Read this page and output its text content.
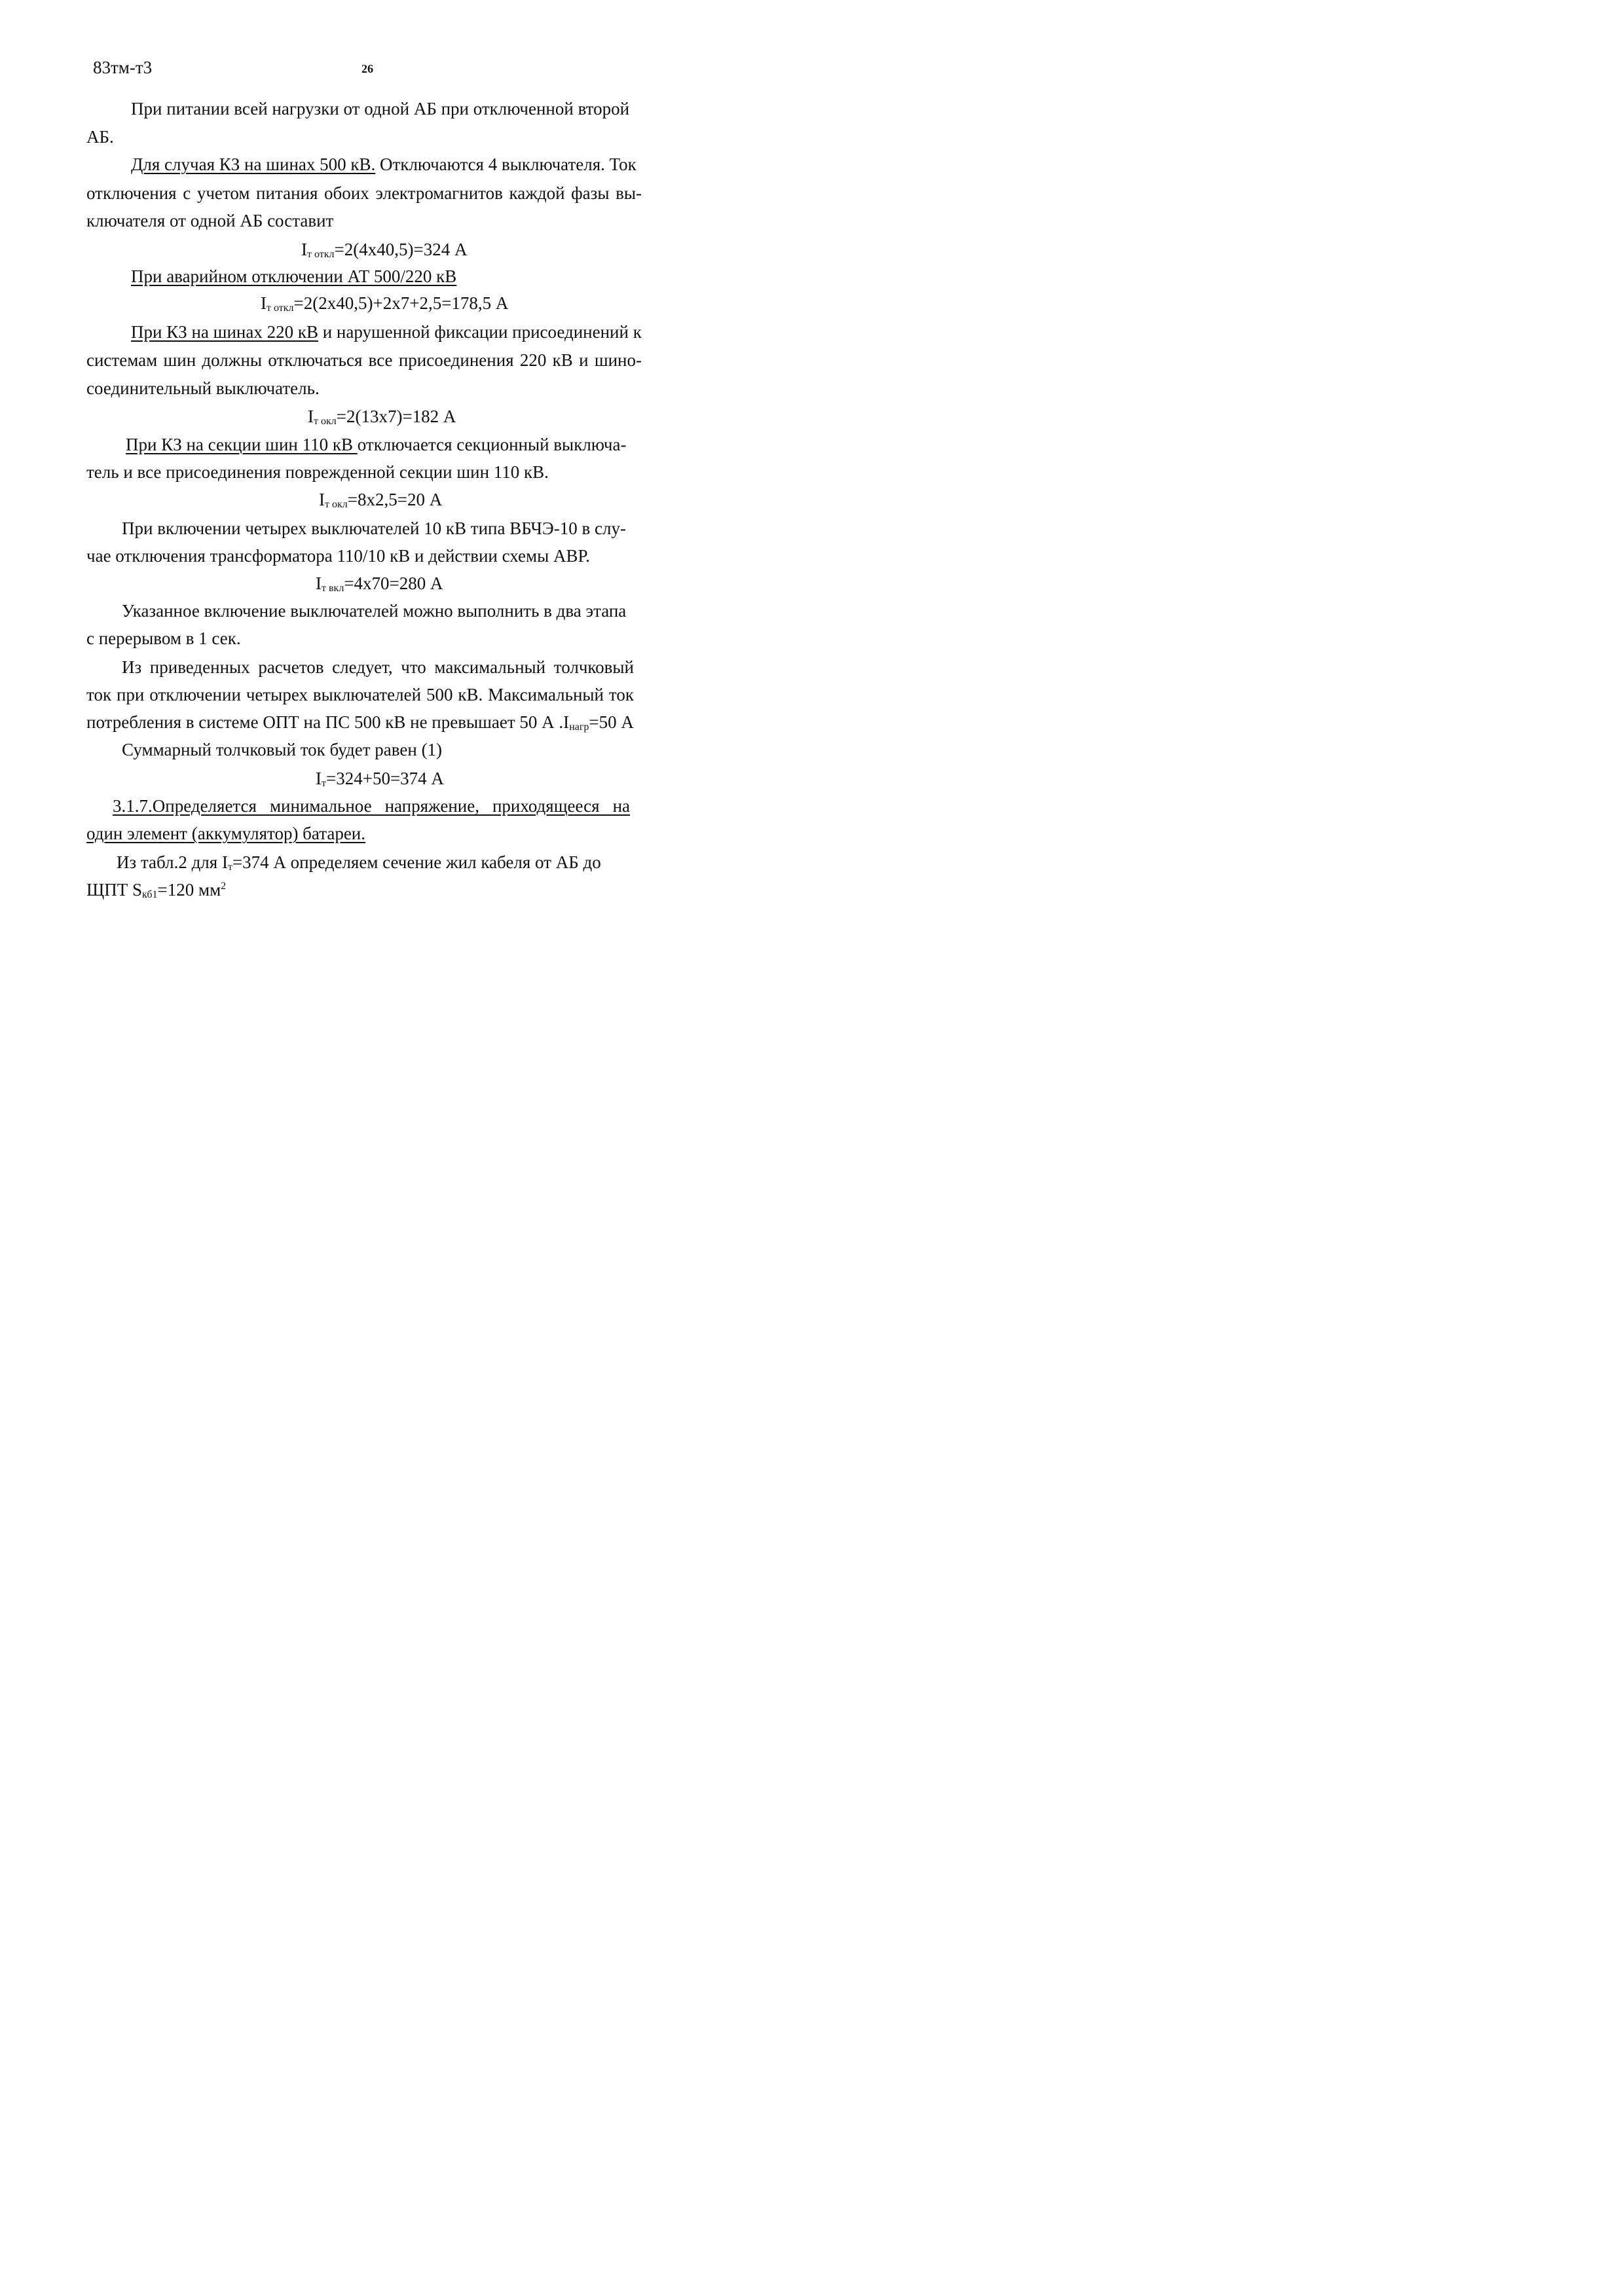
83тм-т3	26
При питании всей нагрузки от одной АБ при отключенной второй
АБ.
Для случая КЗ на шинах 500 кВ. Отключаются 4 выключателя. Ток
отключения с учетом питания обоих электромагнитов каждой фазы вы-
ключателя от одной АБ составит
Iт откл=2(4х40,5)=324 А
При аварийном отключении АТ 500/220 кВ
Iт откл=2(2х40,5)+2х7+2,5=178,5 А
При КЗ на шинах 220 кВ и нарушенной фиксации присоединений к
системам шин должны отключаться все присоединения 220 кВ и шино-
соединительный выключатель.
Iт окл=2(13х7)=182 А
При КЗ на секции шин 110 кВ отключается секционный выключа-
тель и все присоединения поврежденной секции шин 110 кВ.
Iт окл=8х2,5=20 А
При включении четырех выключателей 10 кВ типа ВБЧЭ-10 в слу-
чае отключения трансформатора 110/10 кВ и действии схемы АВР.
Iт вкл=4х70=280 А
Указанное включение выключателей можно выполнить в два этапа
с перерывом в 1 сек.
Из приведенных расчетов следует, что максимальный толчковый
ток при отключении четырех выключателей 500 кВ. Максимальный ток
потребления в системе ОПТ на ПС 500 кВ не превышает 50 А .Iнагр=50 А
Суммарный толчковый ток будет равен (1)
Iт=324+50=374 А
3.1.7.Определяется минимальное напряжение, приходящееся на
один элемент (аккумулятор) батареи.
Из табл.2 для Iт=374 А определяем сечение жил кабеля от АБ до
ЩПТ Sкб1=120 $мм^2$
